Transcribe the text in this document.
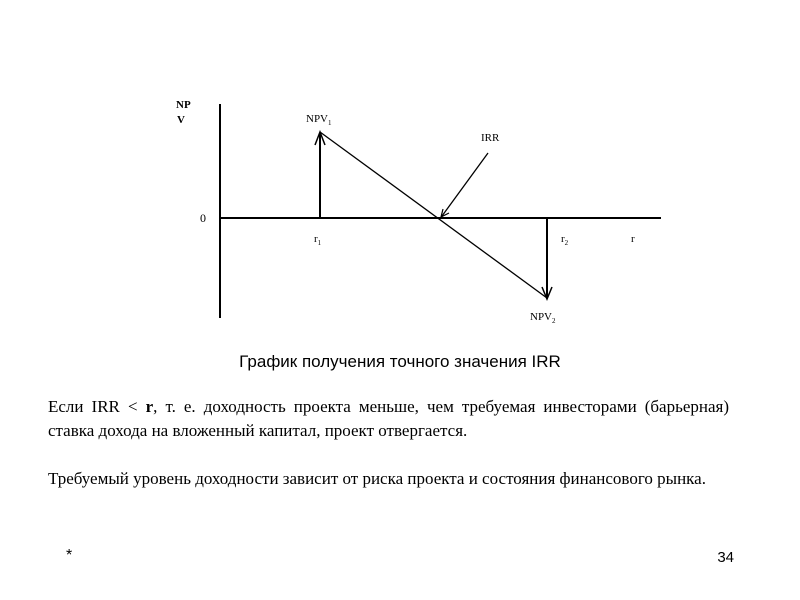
NP
V
0
$NPV_1$
$NPV_2$
IRR
$r_1$	$r_2$	r
График получения точного значения IRR
Если IRR < r, т. е. доходность проекта меньше, чем требуемая инвесторами (барьерная) ставка дохода на вложенный капитал, проект отвергается.
Требуемый уровень доходности зависит от риска проекта и состояния финансового рынка.
*	34
